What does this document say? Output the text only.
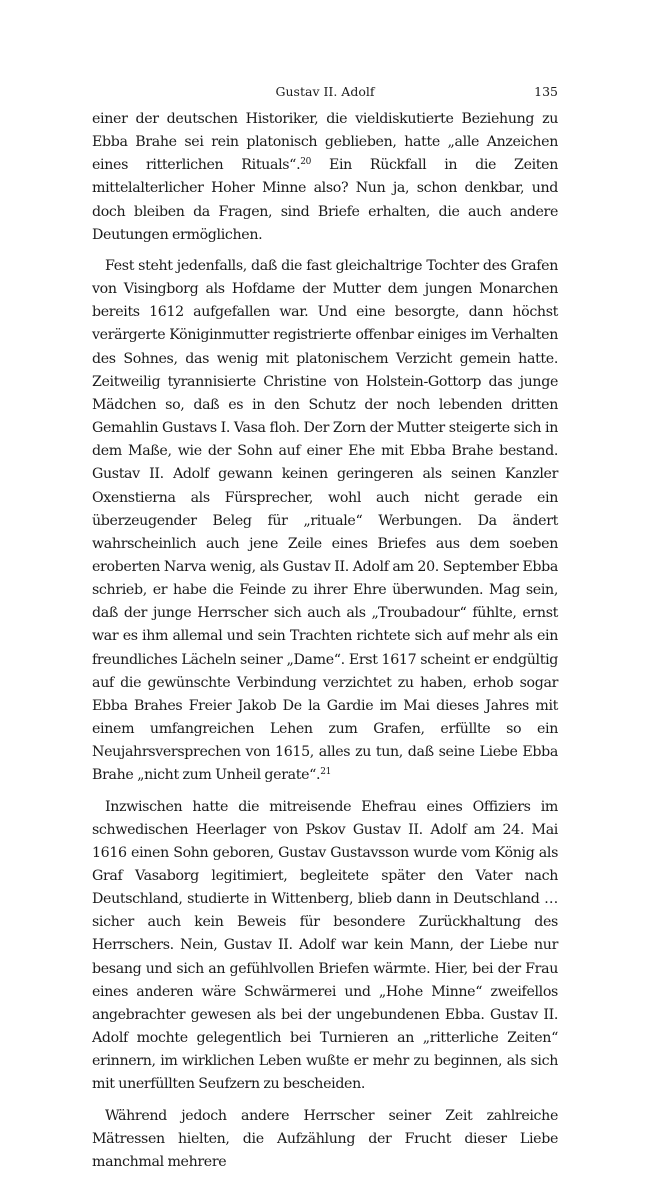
Gustav II. Adolf	135

einer der deutschen Historiker, die vieldiskutierte Beziehung zu Ebba Brahe sei rein platonisch geblieben, hatte „alle Anzeichen eines ritterlichen Rituals“.$^{20}$ Ein Rückfall in die Zeiten mittelalterlicher Hoher Minne also? Nun ja, schon denkbar, und doch bleiben da Fragen, sind Briefe erhalten, die auch andere Deutungen ermöglichen.

Fest steht jedenfalls, daß die fast gleichaltrige Tochter des Grafen von Visingborg als Hofdame der Mutter dem jungen Monarchen bereits 1612 aufgefallen war. Und eine besorgte, dann höchst verärgerte Königinmutter registrierte offenbar einiges im Verhalten des Sohnes, das wenig mit platonischem Verzicht gemein hatte. Zeitweilig tyrannisierte Christine von Holstein-Gottorp das junge Mädchen so, daß es in den Schutz der noch lebenden dritten Gemahlin Gustavs I. Vasa floh. Der Zorn der Mutter steigerte sich in dem Maße, wie der Sohn auf einer Ehe mit Ebba Brahe bestand. Gustav II. Adolf gewann keinen geringeren als seinen Kanzler Oxenstierna als Fürsprecher, wohl auch nicht gerade ein überzeugender Beleg für „rituale“ Werbungen. Da ändert wahrscheinlich auch jene Zeile eines Briefes aus dem soeben eroberten Narva wenig, als Gustav II. Adolf am 20. September Ebba schrieb, er habe die Feinde zu ihrer Ehre überwunden. Mag sein, daß der junge Herrscher sich auch als „Troubadour“ fühlte, ernst war es ihm allemal und sein Trachten richtete sich auf mehr als ein freundliches Lächeln seiner „Dame“. Erst 1617 scheint er endgültig auf die gewünschte Verbindung verzichtet zu haben, erhob sogar Ebba Brahes Freier Jakob De la Gardie im Mai dieses Jahres mit einem umfangreichen Lehen zum Grafen, erfüllte so ein Neujahrsversprechen von 1615, alles zu tun, daß seine Liebe Ebba Brahe „nicht zum Unheil gerate“.$^{21}$

Inzwischen hatte die mitreisende Ehefrau eines Offiziers im schwedischen Heerlager von Pskov Gustav II. Adolf am 24. Mai 1616 einen Sohn geboren, Gustav Gustavsson wurde vom König als Graf Vasaborg legitimiert, begleitete später den Vater nach Deutschland, studierte in Wittenberg, blieb dann in Deutschland … sicher auch kein Beweis für besondere Zurückhaltung des Herrschers. Nein, Gustav II. Adolf war kein Mann, der Liebe nur besang und sich an gefühlvollen Briefen wärmte. Hier, bei der Frau eines anderen wäre Schwärmerei und „Hohe Minne“ zweifellos angebrachter gewesen als bei der ungebundenen Ebba. Gustav II. Adolf mochte gelegentlich bei Turnieren an „ritterliche Zeiten“ erinnern, im wirklichen Leben wußte er mehr zu beginnen, als sich mit unerfüllten Seufzern zu bescheiden.

Während jedoch andere Herrscher seiner Zeit zahlreiche Mätressen hielten, die Aufzählung der Frucht dieser Liebe manchmal mehrere
